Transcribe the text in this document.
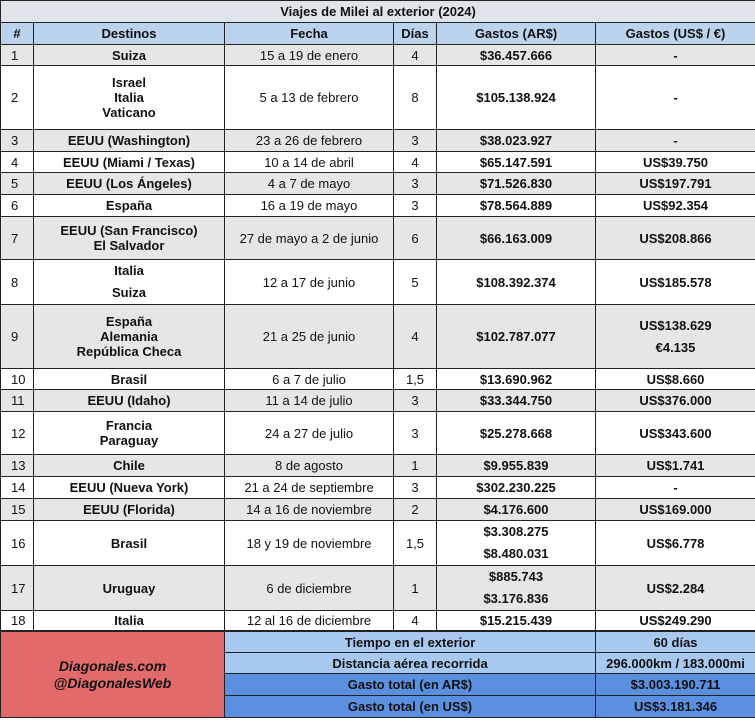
Viajes de Milei al exterior (2024)					
#	Destinos	Fecha	Días	Gastos (AR$)	Gastos (US$ / €)
1	Suiza	15 a 19 de enero	4	$36.457.666	-

2	Israel
Italia
Vaticano	5 a 13 de febrero	8	$105.138.924	-

3	EEUU (Washington)	23 a 26 de febrero	3	$38.023.927	-

4	EEUU (Miami / Texas)	10 a 14 de abril	4	$65.147.591	US$39.750

5	EEUU (Los Ángeles)	4 a 7 de mayo	3	$71.526.830	US$197.791

6	España	16 a 19 de mayo	3	$78.564.889	US$92.354

7	EEUU (San Francisco)
El Salvador	27 de mayo a 2 de junio	6	$66.163.009	US$208.866

8	Italia
Suiza	12 a 17 de junio	5	$108.392.374	US$185.578

9	España
Alemania
República Checa	21 a 25 de junio	4	$102.787.077	US$138.629
€4.135

10	Brasil	6 a 7 de julio	1,5	$13.690.962	US$8.660

11	EEUU (Idaho)	11 a 14 de julio	3	$33.344.750	US$376.000

12	Francia
Paraguay	24 a 27 de julio	3	$25.278.668	US$343.600

13	Chile	8 de agosto	1	$9.955.839	US$1.741

14	EEUU (Nueva York)	21 a 24 de septiembre	3	$302.230.225	-

15	EEUU (Florida)	14 a 16 de noviembre	2	$4.176.600	US$169.000

16	Brasil	18 y 19 de noviembre	1,5	$3.308.275
$8.480.031	US$6.778

17	Uruguay	6 de diciembre	1	$885.743
$3.176.836	US$2.284

18	Italia	12 al 16 de diciembre	4	$15.215.439	US$249.290
Diagonales.com
@DiagonalesWeb	Tiempo en el exterior	60 días
	Distancia aérea recorrida	296.000km / 183.000mi
	Gasto total (en AR$)	$3.003.190.711
	Gasto total (en US$)	US$3.181.346
